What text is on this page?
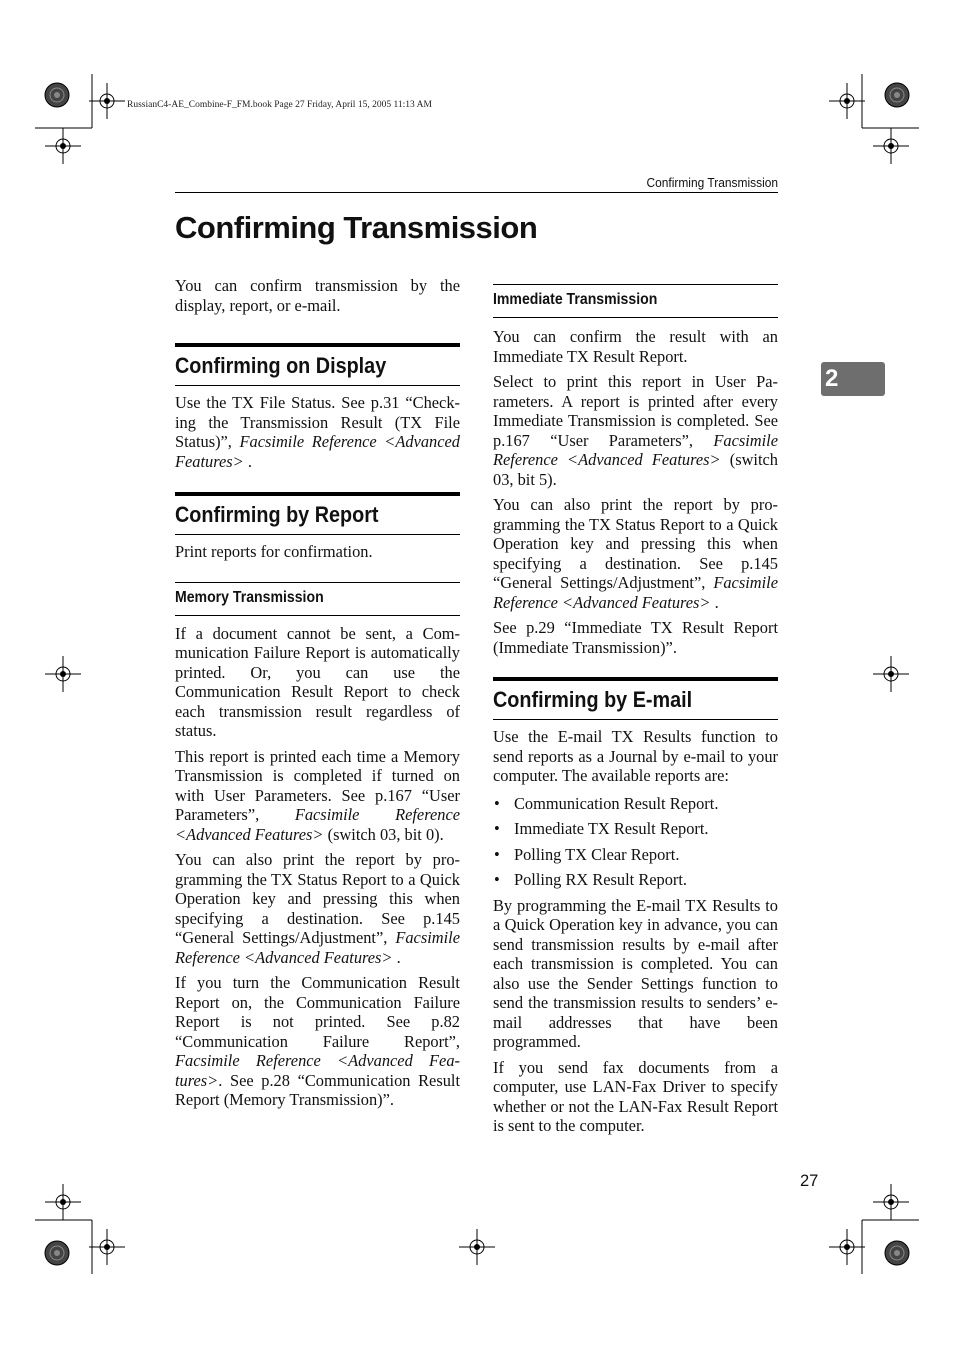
RussianC4-AE_Combine-F_FM.book Page 27 Friday, April 15, 2005 11:13 AM
Confirming Transmission
Confirming Transmission
2
27

You can confirm transmission by the display, report, or e-mail.

Confirming on Display

Use the TX File Status. See p.31 “Checking the Transmission Result (TX File Status)”, Facsimile Reference <Advanced Features> .

Confirming by Report

Print reports for confirmation.

Memory Transmission

If a document cannot be sent, a Communication Failure Report is automatically printed. Or, you can use the Communication Result Report to check each transmission result regardless of status.

This report is printed each time a Memory Transmission is completed if turned on with User Parameters. See p.167 “User Parameters”, Facsimile Reference <Advanced Features> (switch 03, bit 0).

You can also print the report by programming the TX Status Report to a Quick Operation key and pressing this when specifying a destination. See p.145 “General Settings/Adjustment”, Facsimile Reference <Advanced Features> .

If you turn the Communication Result Report on, the Communication Failure Report is not printed. See p.82 “Communication Failure Report”, Facsimile Reference <Advanced Features>. See p.28 “Communication Result Report (Memory Transmission)”.

Immediate Transmission

You can confirm the result with an Immediate TX Result Report.

Select to print this report in User Parameters. A report is printed after every Immediate Transmission is completed. See p.167 “User Parameters”, Facsimile Reference <Advanced Features> (switch 03, bit 5).

You can also print the report by programming the TX Status Report to a Quick Operation key and pressing this when specifying a destination. See p.145 “General Settings/Adjustment”, Facsimile Reference <Advanced Features> .

See p.29 “Immediate TX Result Report (Immediate Transmission)”.

Confirming by E-mail

Use the E-mail TX Results function to send reports as a Journal by e-mail to your computer. The available reports are:

• Communication Result Report.
• Immediate TX Result Report.
• Polling TX Clear Report.
• Polling RX Result Report.

By programming the E-mail TX Results to a Quick Operation key in advance, you can send transmission results by e-mail after each transmission is completed. You can also use the Sender Settings function to send the transmission results to senders’ e-mail addresses that have been programmed.

If you send fax documents from a computer, use LAN-Fax Driver to specify whether or not the LAN-Fax Result Report is sent to the computer.
